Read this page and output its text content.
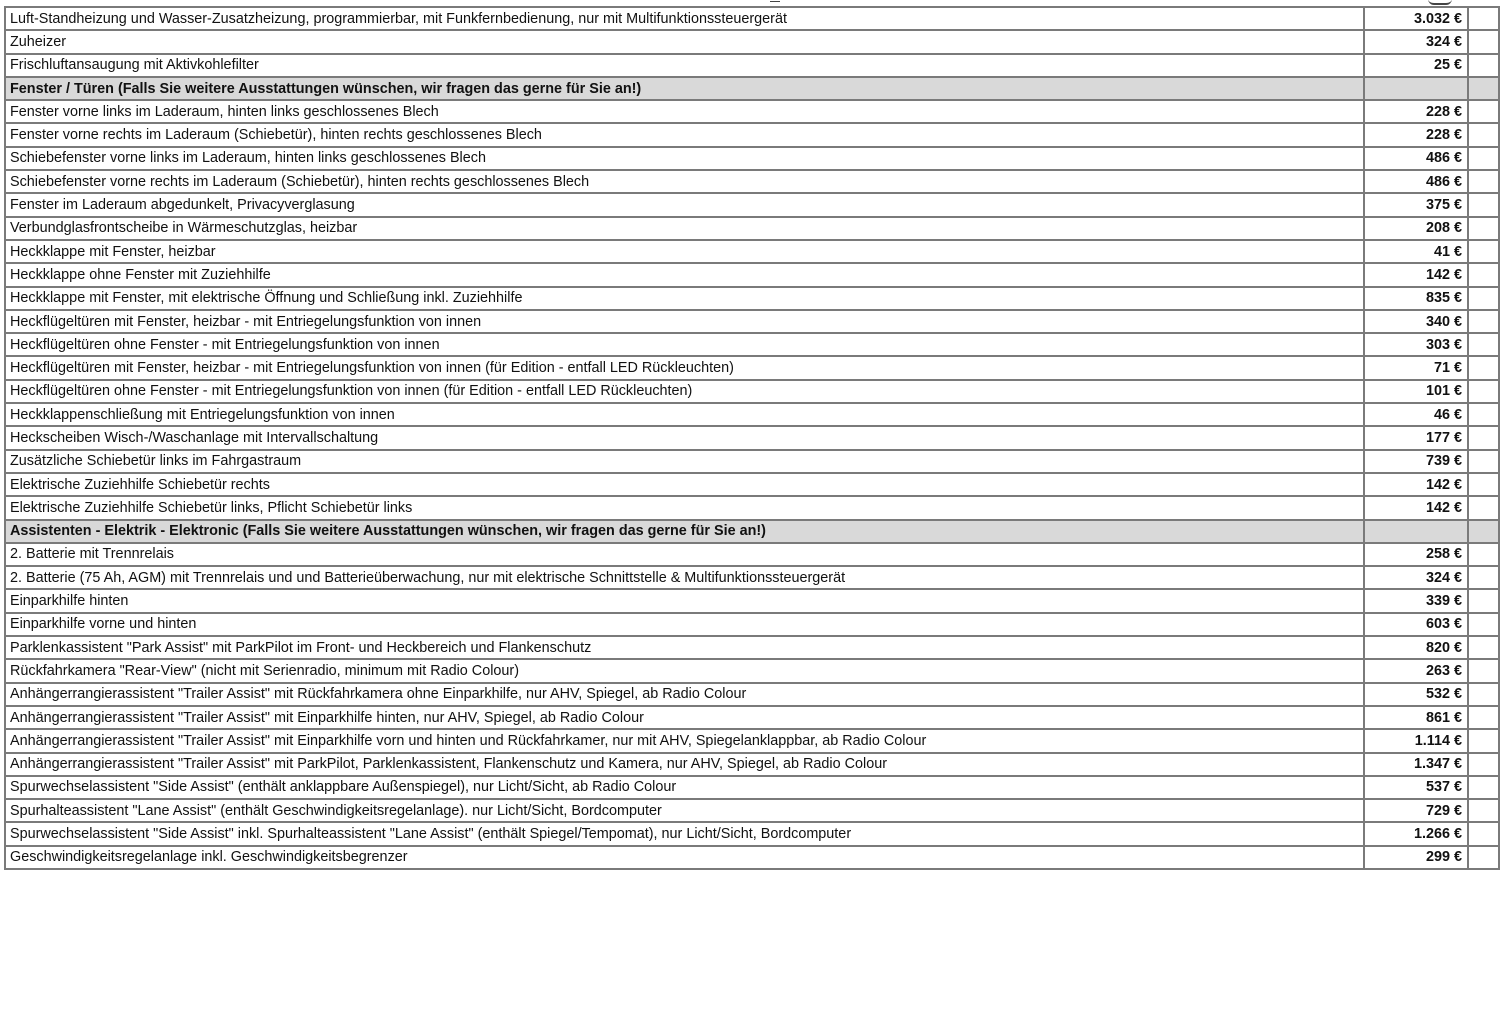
Luft-Standheizung und Wasser-Zusatzheizung, programmierbar, mit Funkfernbedienung, nur mit Multifunktionssteuergerät	3.032 €	
Zuheizer	324 €	
Frischluftansaugung mit Aktivkohlefilter	25 €	
Fenster / Türen (Falls Sie weitere Ausstattungen wünschen, wir fragen das gerne für Sie an!)		
Fenster vorne links im Laderaum, hinten links geschlossenes Blech	228 €	
Fenster vorne rechts im Laderaum (Schiebetür), hinten rechts geschlossenes Blech	228 €	
Schiebefenster vorne links im Laderaum, hinten links geschlossenes Blech	486 €	
Schiebefenster vorne rechts im Laderaum (Schiebetür), hinten rechts geschlossenes Blech	486 €	
Fenster im Laderaum abgedunkelt, Privacyverglasung	375 €	
Verbundglasfrontscheibe in Wärmeschutzglas, heizbar	208 €	
Heckklappe mit Fenster, heizbar	41 €	
Heckklappe ohne Fenster mit Zuziehhilfe	142 €	
Heckklappe mit Fenster, mit elektrische Öffnung und Schließung inkl. Zuziehhilfe	835 €	
Heckflügeltüren mit Fenster, heizbar - mit Entriegelungsfunktion von innen	340 €	
Heckflügeltüren ohne Fenster - mit Entriegelungsfunktion von innen	303 €	
Heckflügeltüren mit Fenster, heizbar - mit Entriegelungsfunktion von innen (für Edition - entfall LED Rückleuchten)	71 €	
Heckflügeltüren ohne Fenster - mit Entriegelungsfunktion von innen (für Edition - entfall LED Rückleuchten)	101 €	
Heckklappenschließung mit Entriegelungsfunktion von innen	46 €	
Heckscheiben Wisch-/Waschanlage mit Intervallschaltung	177 €	
Zusätzliche Schiebetür links im Fahrgastraum	739 €	
Elektrische Zuziehhilfe Schiebetür rechts	142 €	
Elektrische Zuziehhilfe Schiebetür links, Pflicht Schiebetür links	142 €	
Assistenten - Elektrik - Elektronic (Falls Sie weitere Ausstattungen wünschen, wir fragen das gerne für Sie an!)		
2. Batterie mit Trennrelais	258 €	
2. Batterie (75 Ah, AGM) mit Trennrelais und und Batterieüberwachung, nur mit elektrische Schnittstelle & Multifunktionssteuergerät	324 €	
Einparkhilfe hinten	339 €	
Einparkhilfe vorne und hinten	603 €	
Parklenkassistent "Park Assist" mit ParkPilot im Front- und Heckbereich und Flankenschutz	820 €	
Rückfahrkamera "Rear-View" (nicht mit Serienradio, minimum mit Radio Colour)	263 €	
Anhängerrangierassistent "Trailer Assist" mit Rückfahrkamera ohne Einparkhilfe, nur AHV, Spiegel, ab Radio Colour	532 €	
Anhängerrangierassistent "Trailer Assist" mit Einparkhilfe hinten, nur AHV, Spiegel, ab Radio Colour	861 €	
Anhängerrangierassistent "Trailer Assist" mit Einparkhilfe vorn und hinten und Rückfahrkamer, nur mit AHV, Spiegelanklappbar, ab Radio Colour	1.114 €	
Anhängerrangierassistent "Trailer Assist" mit ParkPilot, Parklenkassistent, Flankenschutz und Kamera, nur AHV, Spiegel, ab Radio Colour	1.347 €	
Spurwechselassistent "Side Assist" (enthält anklappbare Außenspiegel), nur Licht/Sicht, ab Radio Colour	537 €	
Spurhalteassistent "Lane Assist" (enthält Geschwindigkeitsregelanlage). nur Licht/Sicht, Bordcomputer	729 €	
Spurwechselassistent "Side Assist" inkl. Spurhalteassistent "Lane Assist" (enthält Spiegel/Tempomat), nur Licht/Sicht, Bordcomputer	1.266 €	
Geschwindigkeitsregelanlage inkl. Geschwindigkeitsbegrenzer	299 €	
